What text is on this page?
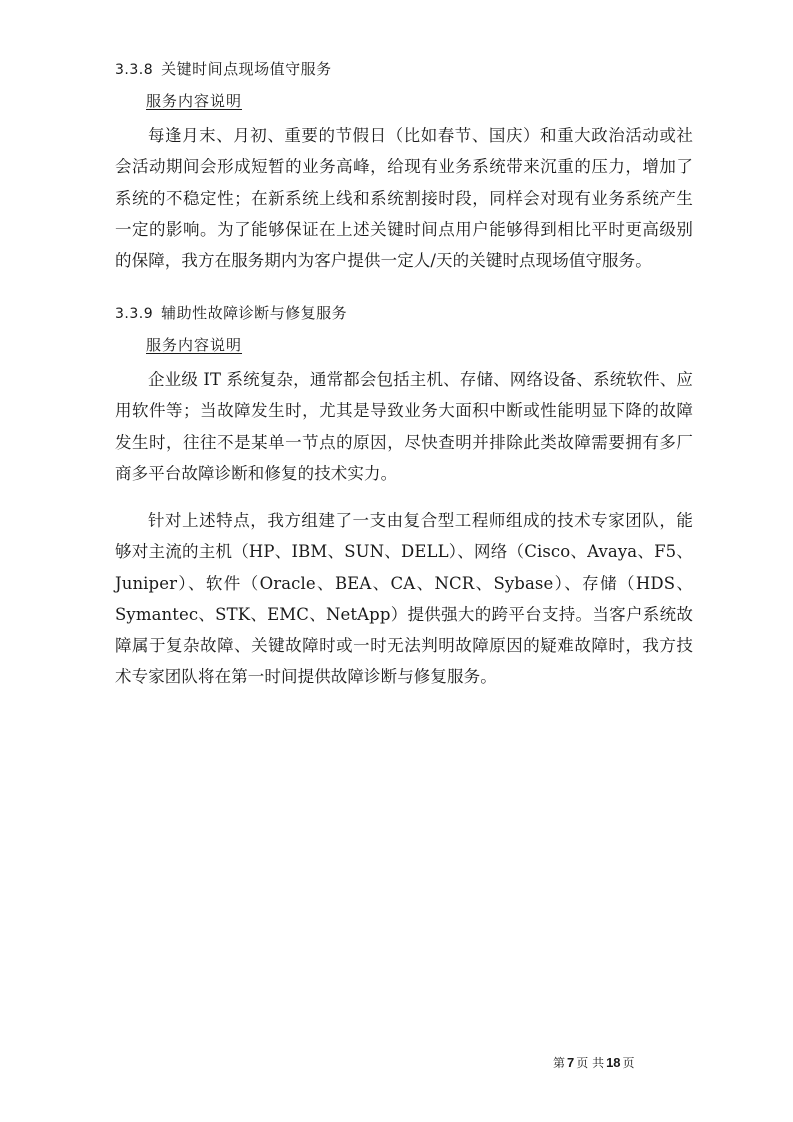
3.3.8 关键时间点现场值守服务
服务内容说明
每逢月末、月初、重要的节假日（比如春节、国庆）和重大政治活动或社会活动期间会形成短暂的业务高峰，给现有业务系统带来沉重的压力，增加了系统的不稳定性；在新系统上线和系统割接时段，同样会对现有业务系统产生一定的影响。为了能够保证在上述关键时间点用户能够得到相比平时更高级别的保障，我方在服务期内为客户提供一定人/天的关键时点现场值守服务。
3.3.9 辅助性故障诊断与修复服务
服务内容说明
企业级 IT 系统复杂，通常都会包括主机、存储、网络设备、系统软件、应用软件等；当故障发生时，尤其是导致业务大面积中断或性能明显下降的故障发生时，往往不是某单一节点的原因，尽快查明并排除此类故障需要拥有多厂商多平台故障诊断和修复的技术实力。
针对上述特点，我方组建了一支由复合型工程师组成的技术专家团队，能够对主流的主机（HP、IBM、SUN、DELL）、网络（Cisco、Avaya、F5、Juniper）、软件（Oracle、BEA、CA、NCR、Sybase）、存储（HDS、Symantec、STK、EMC、NetApp）提供强大的跨平台支持。当客户系统故障属于复杂故障、关键故障时或一时无法判明故障原因的疑难故障时，我方技术专家团队将在第一时间提供故障诊断与修复服务。
第 7 页 共 18 页
